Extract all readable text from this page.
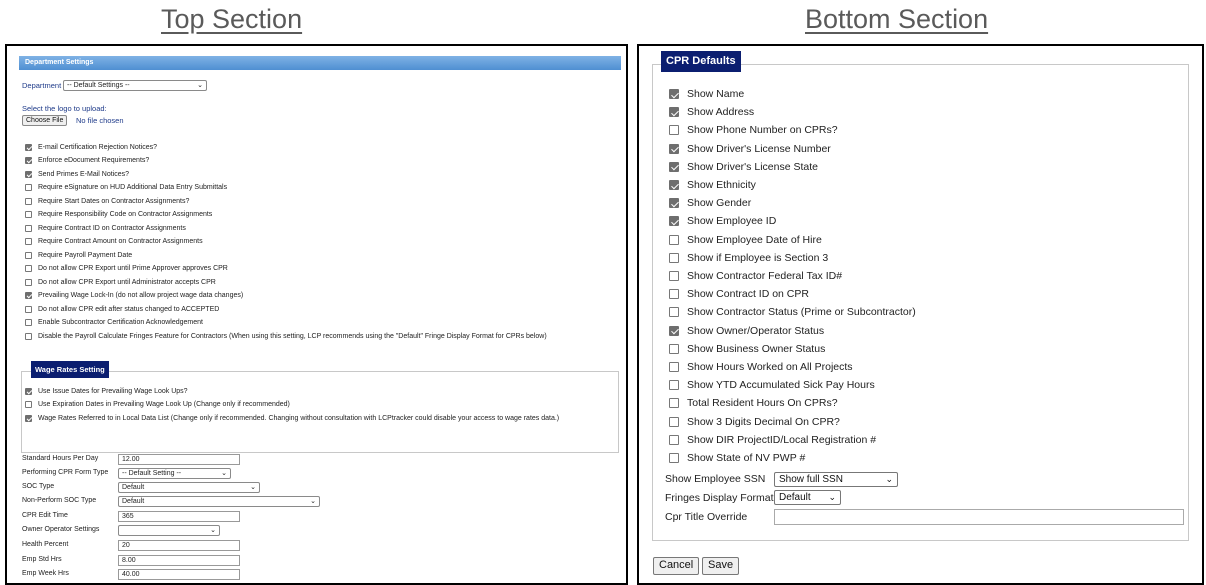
Top Section	Bottom Section
Department Settings
Department -- Default Settings --	⌄
Select the logo to upload:
Choose File	No file chosen
E-mail Certification Rejection Notices?
Enforce eDocument Requirements?
Send Primes E-Mail Notices?
Require eSignature on HUD Additional Data Entry Submittals
Require Start Dates on Contractor Assignments?
Require Responsibility Code on Contractor Assignments
Require Contract ID on Contractor Assignments
Require Contract Amount on Contractor Assignments
Require Payroll Payment Date
Do not allow CPR Export until Prime Approver approves CPR
Do not allow CPR Export until Administrator accepts CPR
Prevailing Wage Lock-In (do not allow project wage data changes)
Do not allow CPR edit after status changed to ACCEPTED
Enable Subcontractor Certification Acknowledgement
Disable the Payroll Calculate Fringes Feature for Contractors (When using this setting, LCP recommends using the "Default" Fringe Display Format for CPRs below)
Wage Rates Setting
Use Issue Dates for Prevailing Wage Look Ups?
Use Expiration Dates in Prevailing Wage Look Up (Change only if recommended)
Wage Rates Referred to in Local Data List (Change only if recommended. Changing without consultation with LCPtracker could disable your access to wage rates data.)
Standard Hours Per Day	12.00
Performing CPR Form Type	-- Default Setting --	⌄
SOC Type	Default	⌄
Non-Perform SOC Type	Default	⌄
CPR Edit Time	365
Owner Operator Settings	⌄
Health Percent	20
Emp Std Hrs	8.00
Emp Week Hrs	40.00
CPR Defaults
Show Name
Show Address
Show Phone Number on CPRs?
Show Driver's License Number
Show Driver's License State
Show Ethnicity
Show Gender
Show Employee ID
Show Employee Date of Hire
Show if Employee is Section 3
Show Contractor Federal Tax ID#
Show Contract ID on CPR
Show Contractor Status (Prime or Subcontractor)
Show Owner/Operator Status
Show Business Owner Status
Show Hours Worked on All Projects
Show YTD Accumulated Sick Pay Hours
Total Resident Hours On CPRs?
Show 3 Digits Decimal On CPR?
Show DIR ProjectID/Local Registration #
Show State of NV PWP #
Show Employee SSN	Show full SSN	⌄
Fringes Display Format Default ⌄
Cpr Title Override
Cancel	Save
